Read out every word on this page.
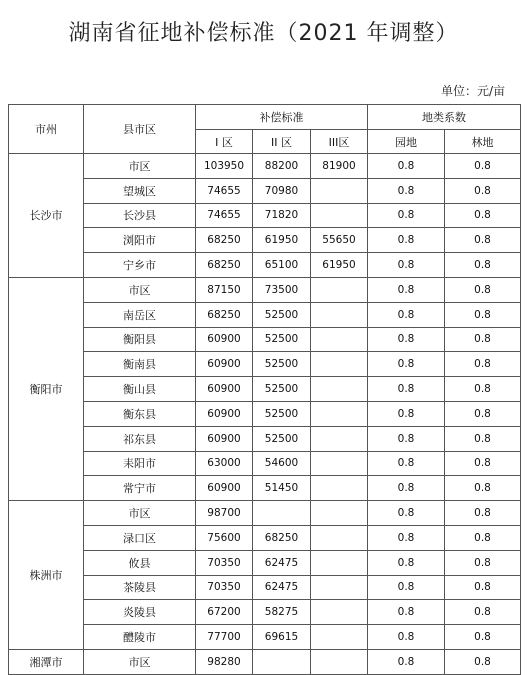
湖南省征地补偿标准（2021 年调整）
单位：元/亩
市州	县市区	补偿标准			地类系数	
		I 区	II 区	III区	园地	林地
长沙市	市区	103950	88200	81900	0.8	0.8
	望城区	74655	70980		0.8	0.8
	长沙县	74655	71820		0.8	0.8
	浏阳市	68250	61950	55650	0.8	0.8
	宁乡市	68250	65100	61950	0.8	0.8
衡阳市	市区	87150	73500		0.8	0.8
	南岳区	68250	52500		0.8	0.8
	衡阳县	60900	52500		0.8	0.8
	衡南县	60900	52500		0.8	0.8
	衡山县	60900	52500		0.8	0.8
	衡东县	60900	52500		0.8	0.8
	祁东县	60900	52500		0.8	0.8
	耒阳市	63000	54600		0.8	0.8
	常宁市	60900	51450		0.8	0.8
株洲市	市区	98700			0.8	0.8
	渌口区	75600	68250		0.8	0.8
	攸县	70350	62475		0.8	0.8
	茶陵县	70350	62475		0.8	0.8
	炎陵县	67200	58275		0.8	0.8
	醴陵市	77700	69615		0.8	0.8
湘潭市	市区	98280			0.8	0.8
